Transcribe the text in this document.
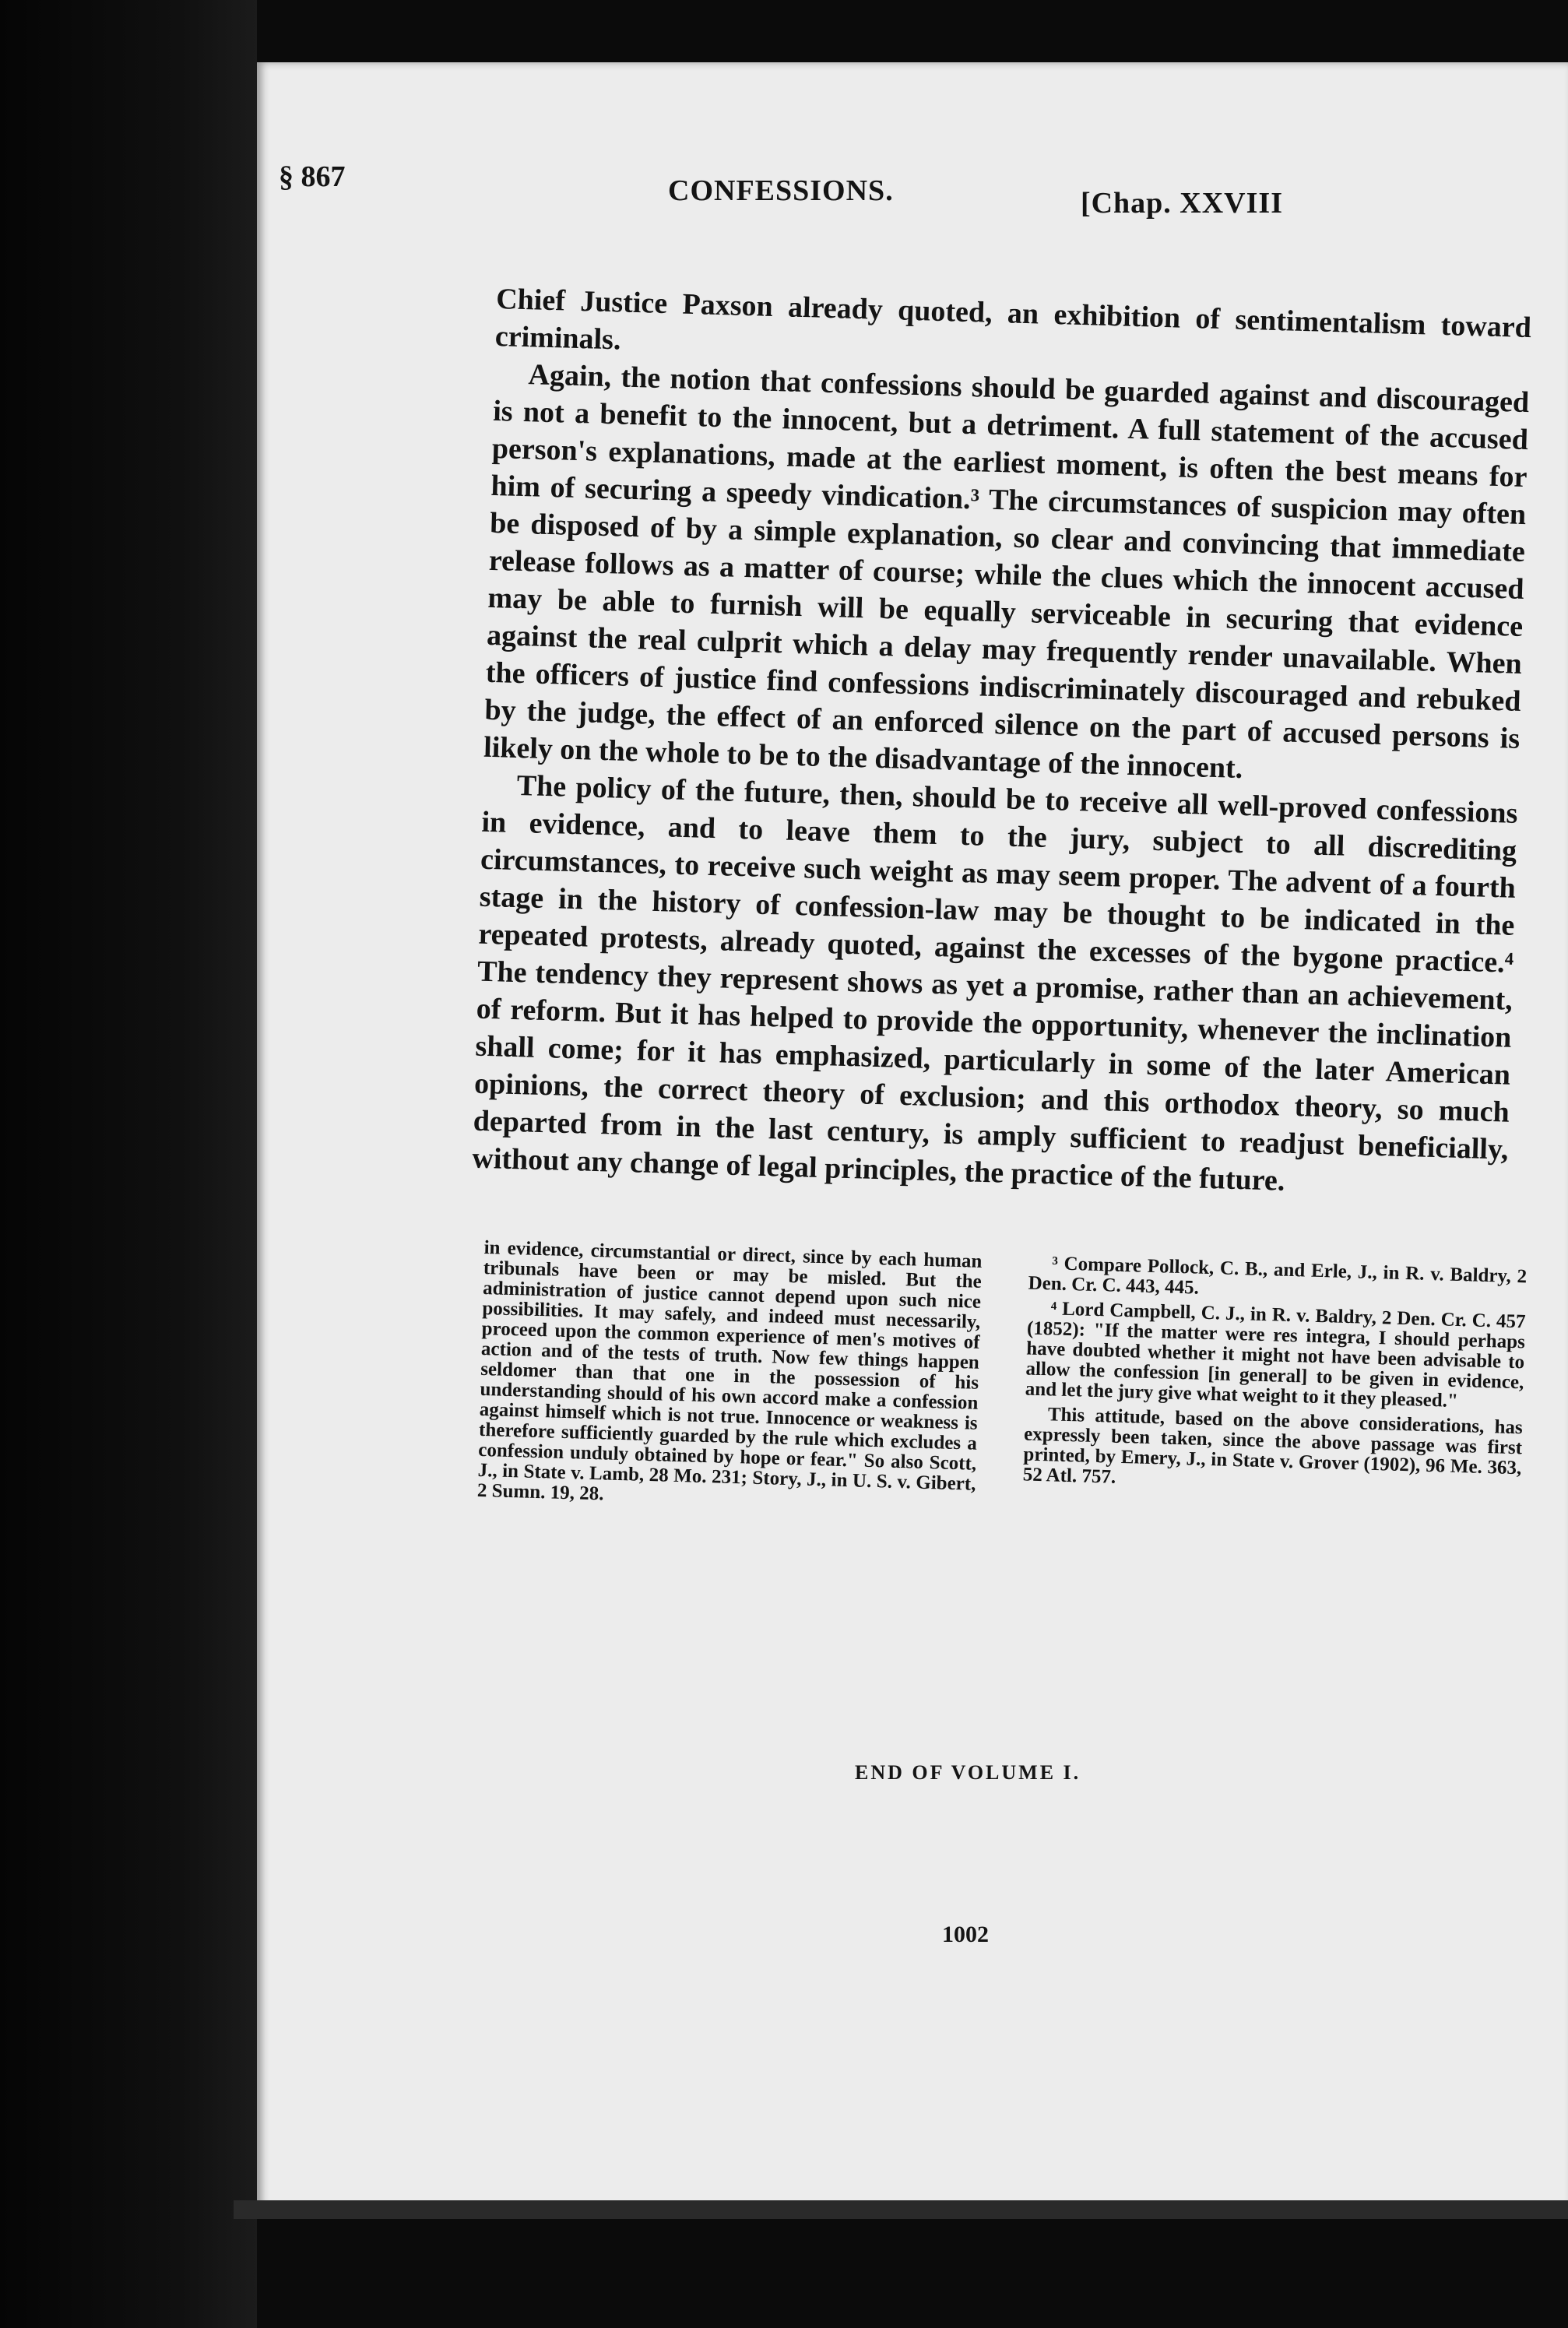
§ 867	CONFESSIONS.	[Chap. XXVIII

Chief Justice Paxson already quoted, an exhibition of sentimentalism toward criminals.

Again, the notion that confessions should be guarded against and discouraged is not a benefit to the innocent, but a detriment. A full statement of the accused person's explanations, made at the earliest moment, is often the best means for him of securing a speedy vindication.³ The circumstances of suspicion may often be disposed of by a simple explanation, so clear and convincing that immediate release follows as a matter of course; while the clues which the innocent accused may be able to furnish will be equally serviceable in securing that evidence against the real culprit which a delay may frequently render unavailable. When the officers of justice find confessions indiscriminately discouraged and rebuked by the judge, the effect of an enforced silence on the part of accused persons is likely on the whole to be to the disadvantage of the innocent.

The policy of the future, then, should be to receive all well-proved confessions in evidence, and to leave them to the jury, subject to all discrediting circumstances, to receive such weight as may seem proper. The advent of a fourth stage in the history of confession-law may be thought to be indicated in the repeated protests, already quoted, against the excesses of the bygone practice.⁴ The tendency they represent shows as yet a promise, rather than an achievement, of reform. But it has helped to provide the opportunity, whenever the inclination shall come; for it has emphasized, particularly in some of the later American opinions, the correct theory of exclusion; and this orthodox theory, so much departed from in the last century, is amply sufficient to readjust beneficially, without any change of legal principles, the practice of the future.

in evidence, circumstantial or direct, since by each human tribunals have been or may be misled. But the administration of justice cannot depend upon such nice possibilities. It may safely, and indeed must necessarily, proceed upon the common experience of men's motives of action and of the tests of truth. Now few things happen seldomer than that one in the possession of his understanding should of his own accord make a confession against himself which is not true. Innocence or weakness is therefore sufficiently guarded by the rule which excludes a confession unduly obtained by hope or fear." So also Scott, J., in State v. Lamb, 28 Mo. 231; Story, J., in U. S. v. Gibert, 2 Sumn. 19, 28.

³ Compare Pollock, C. B., and Erle, J., in R. v. Baldry, 2 Den. Cr. C. 443, 445.

⁴ Lord Campbell, C. J., in R. v. Baldry, 2 Den. Cr. C. 457 (1852): "If the matter were res integra, I should perhaps have doubted whether it might not have been advisable to allow the confession [in general] to be given in evidence, and let the jury give what weight to it they pleased."

This attitude, based on the above considerations, has expressly been taken, since the above passage was first printed, by Emery, J., in State v. Grover (1902), 96 Me. 363, 52 Atl. 757.

END OF VOLUME I.
1002
